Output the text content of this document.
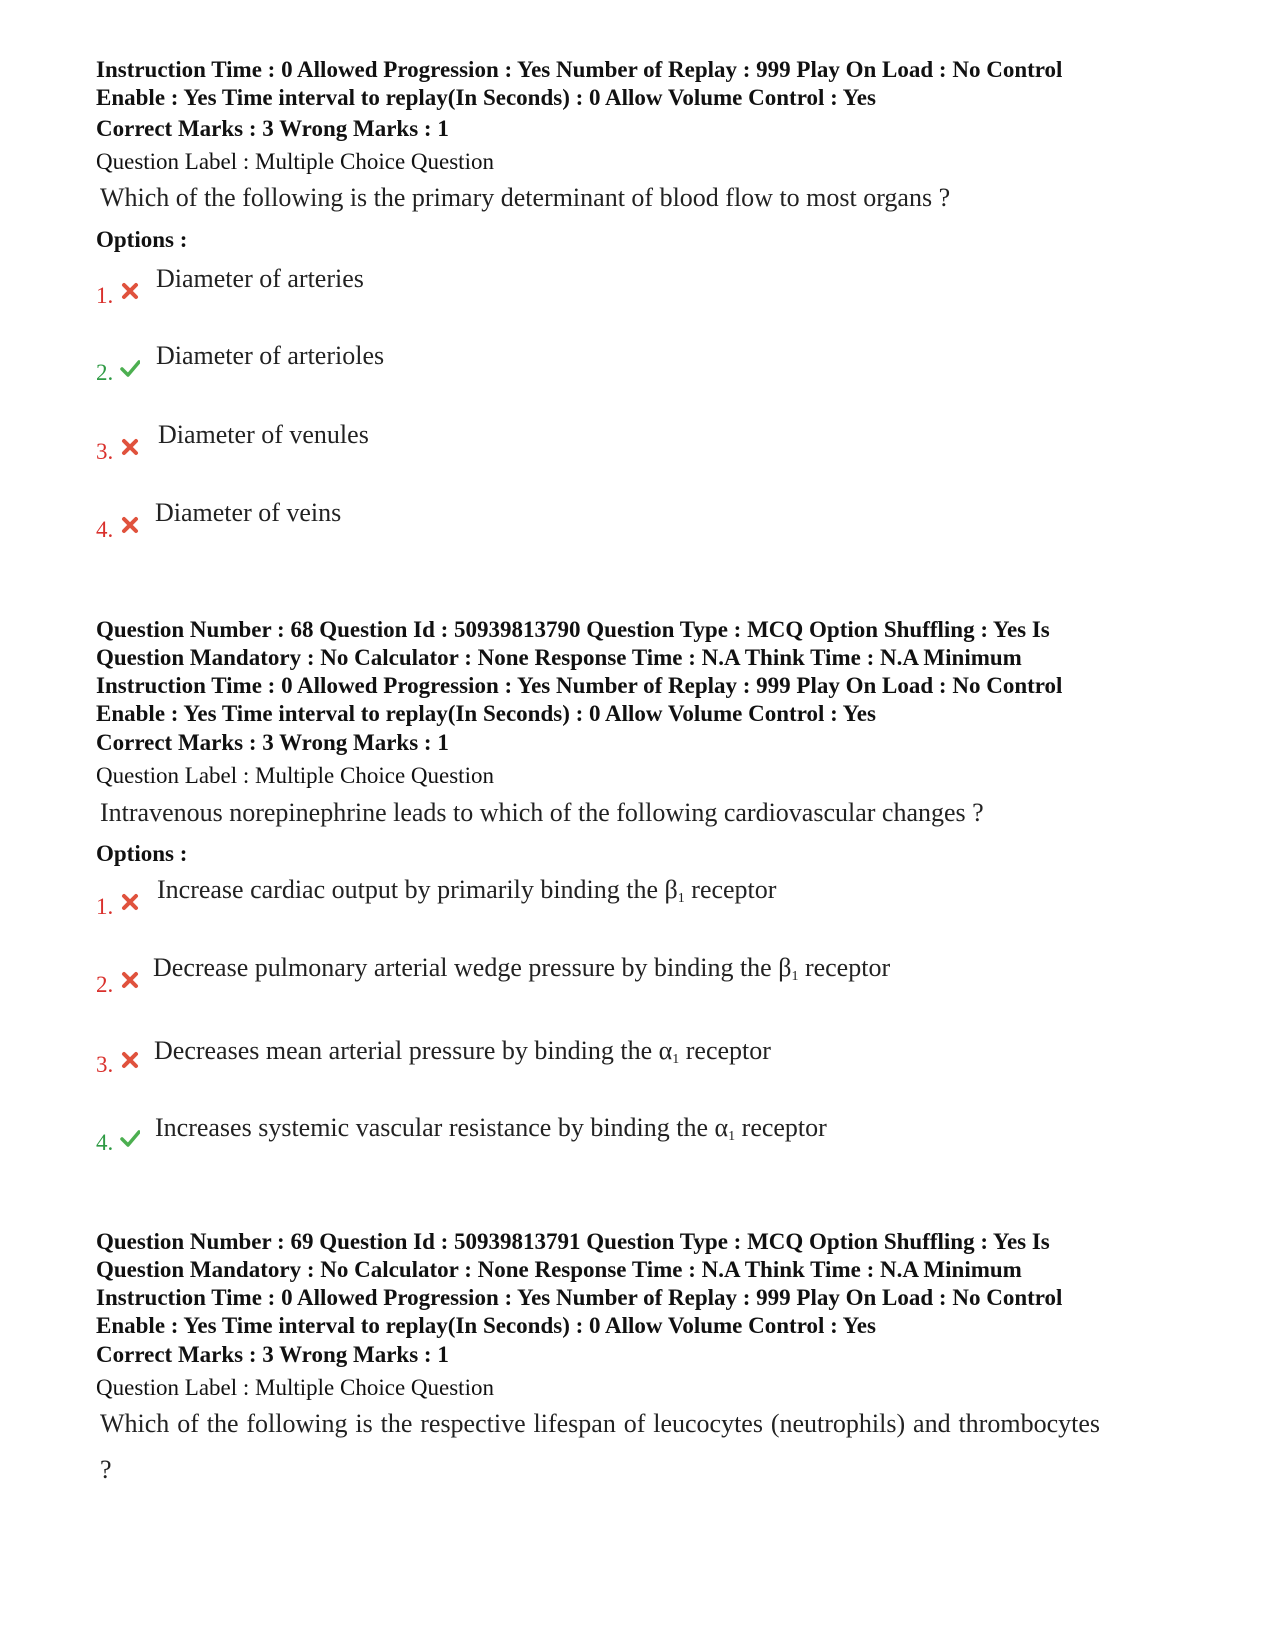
Instruction Time : 0 Allowed Progression : Yes Number of Replay : 999 Play On Load : No Control
Enable : Yes Time interval to replay(In Seconds) : 0 Allow Volume Control : Yes

Correct Marks : 3 Wrong Marks : 1

Question Label : Multiple Choice Question

Which of the following is the primary determinant of blood flow to most organs ?

Options :

1.
Diameter of arteries
2.
Diameter of arterioles
3.
Diameter of venules
4.
Diameter of veins

Question Number : 68 Question Id : 50939813790 Question Type : MCQ Option Shuffling : Yes Is
Question Mandatory : No Calculator : None Response Time : N.A Think Time : N.A Minimum
Instruction Time : 0 Allowed Progression : Yes Number of Replay : 999 Play On Load : No Control
Enable : Yes Time interval to replay(In Seconds) : 0 Allow Volume Control : Yes

Correct Marks : 3 Wrong Marks : 1

Question Label : Multiple Choice Question

Intravenous norepinephrine leads to which of the following cardiovascular changes ?

Options :

1.
Increase cardiac output by primarily binding the $\beta_1$ receptor
2.
Decrease pulmonary arterial wedge pressure by binding the $\beta_1$ receptor
3. Decreases mean arterial pressure by binding the $\alpha_1$ receptor
4.
Increases systemic vascular resistance by binding the $\alpha_1$ receptor

Question Number : 69 Question Id : 50939813791 Question Type : MCQ Option Shuffling : Yes Is
Question Mandatory : No Calculator : None Response Time : N.A Think Time : N.A Minimum
Instruction Time : 0 Allowed Progression : Yes Number of Replay : 999 Play On Load : No Control
Enable : Yes Time interval to replay(In Seconds) : 0 Allow Volume Control : Yes

Correct Marks : 3 Wrong Marks : 1

Question Label : Multiple Choice Question

Which of the following is the respective lifespan of leucocytes (neutrophils) and thrombocytes ?
